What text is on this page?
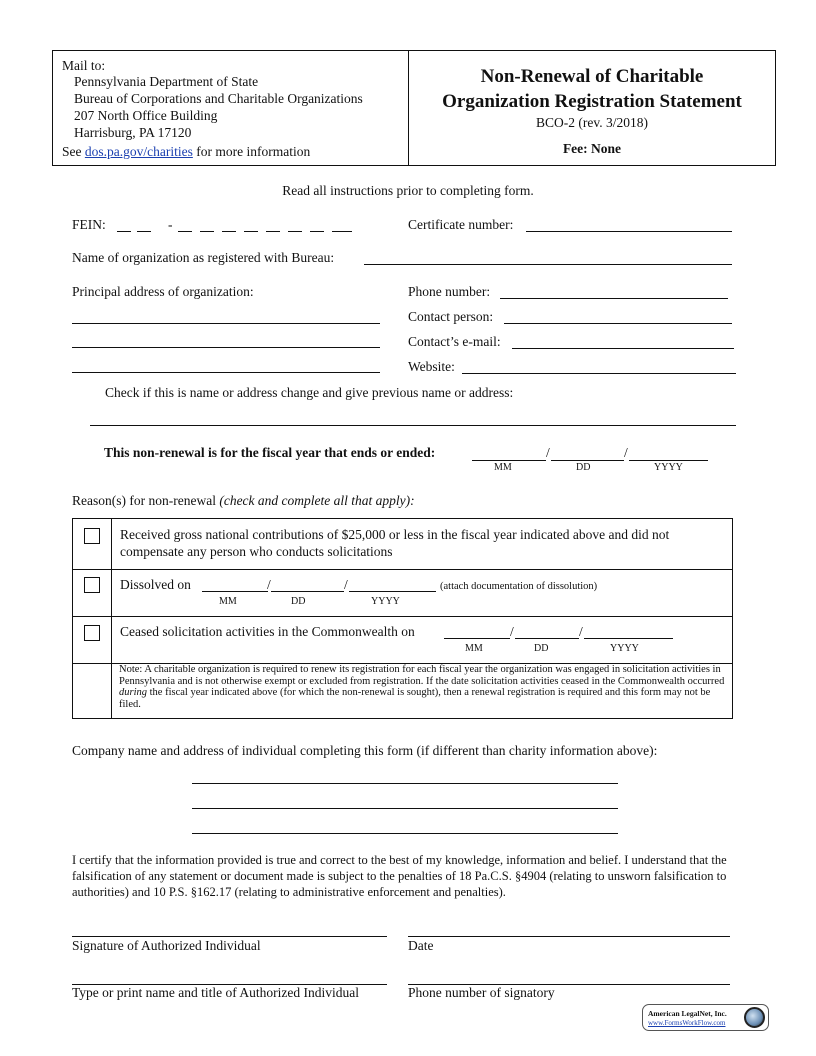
Mail to:
Pennsylvania Department of State
Bureau of Corporations and Charitable Organizations
207 North Office Building
Harrisburg, PA 17120
See dos.pa.gov/charities for more information
Non-Renewal of Charitable
Organization Registration Statement
BCO-2 (rev. 3/2018)
Fee: None
Read all instructions prior to completing form.
FEIN:	-	Certificate number:
Name of organization as registered with Bureau:
Principal address of organization:	Phone number:
Contact person:
Contact’s e-mail:
Website:
Check if this is name or address change and give previous name or address:
This non-renewal is for the fiscal year that ends or ended:	/	/
MM	DD	YYYY
Reason(s) for non-renewal (check and complete all that apply):
Received gross national contributions of $25,000 or less in the fiscal year indicated above and did not compensate any person who conducts solicitations
Dissolved on	/	/	(attach documentation of dissolution)
MM	DD	YYYY
Ceased solicitation activities in the Commonwealth on	/	/
MM	DD	YYYY
Note: A charitable organization is required to renew its registration for each fiscal year the organization was engaged in solicitation activities in Pennsylvania and is not otherwise exempt or excluded from registration. If the date solicitation activities ceased in the Commonwealth occurred during the fiscal year indicated above (for which the non-renewal is sought), then a renewal registration is required and this form may not be filed.
Company name and address of individual completing this form (if different than charity information above):
I certify that the information provided is true and correct to the best of my knowledge, information and belief. I understand that the falsification of any statement or document made is subject to the penalties of 18 Pa.C.S. §4904 (relating to unsworn falsification to authorities) and 10 P.S. §162.17 (relating to administrative enforcement and penalties).
Signature of Authorized Individual	Date
Type or print name and title of Authorized Individual	Phone number of signatory
American LegalNet, Inc.
www.FormsWorkFlow.com
